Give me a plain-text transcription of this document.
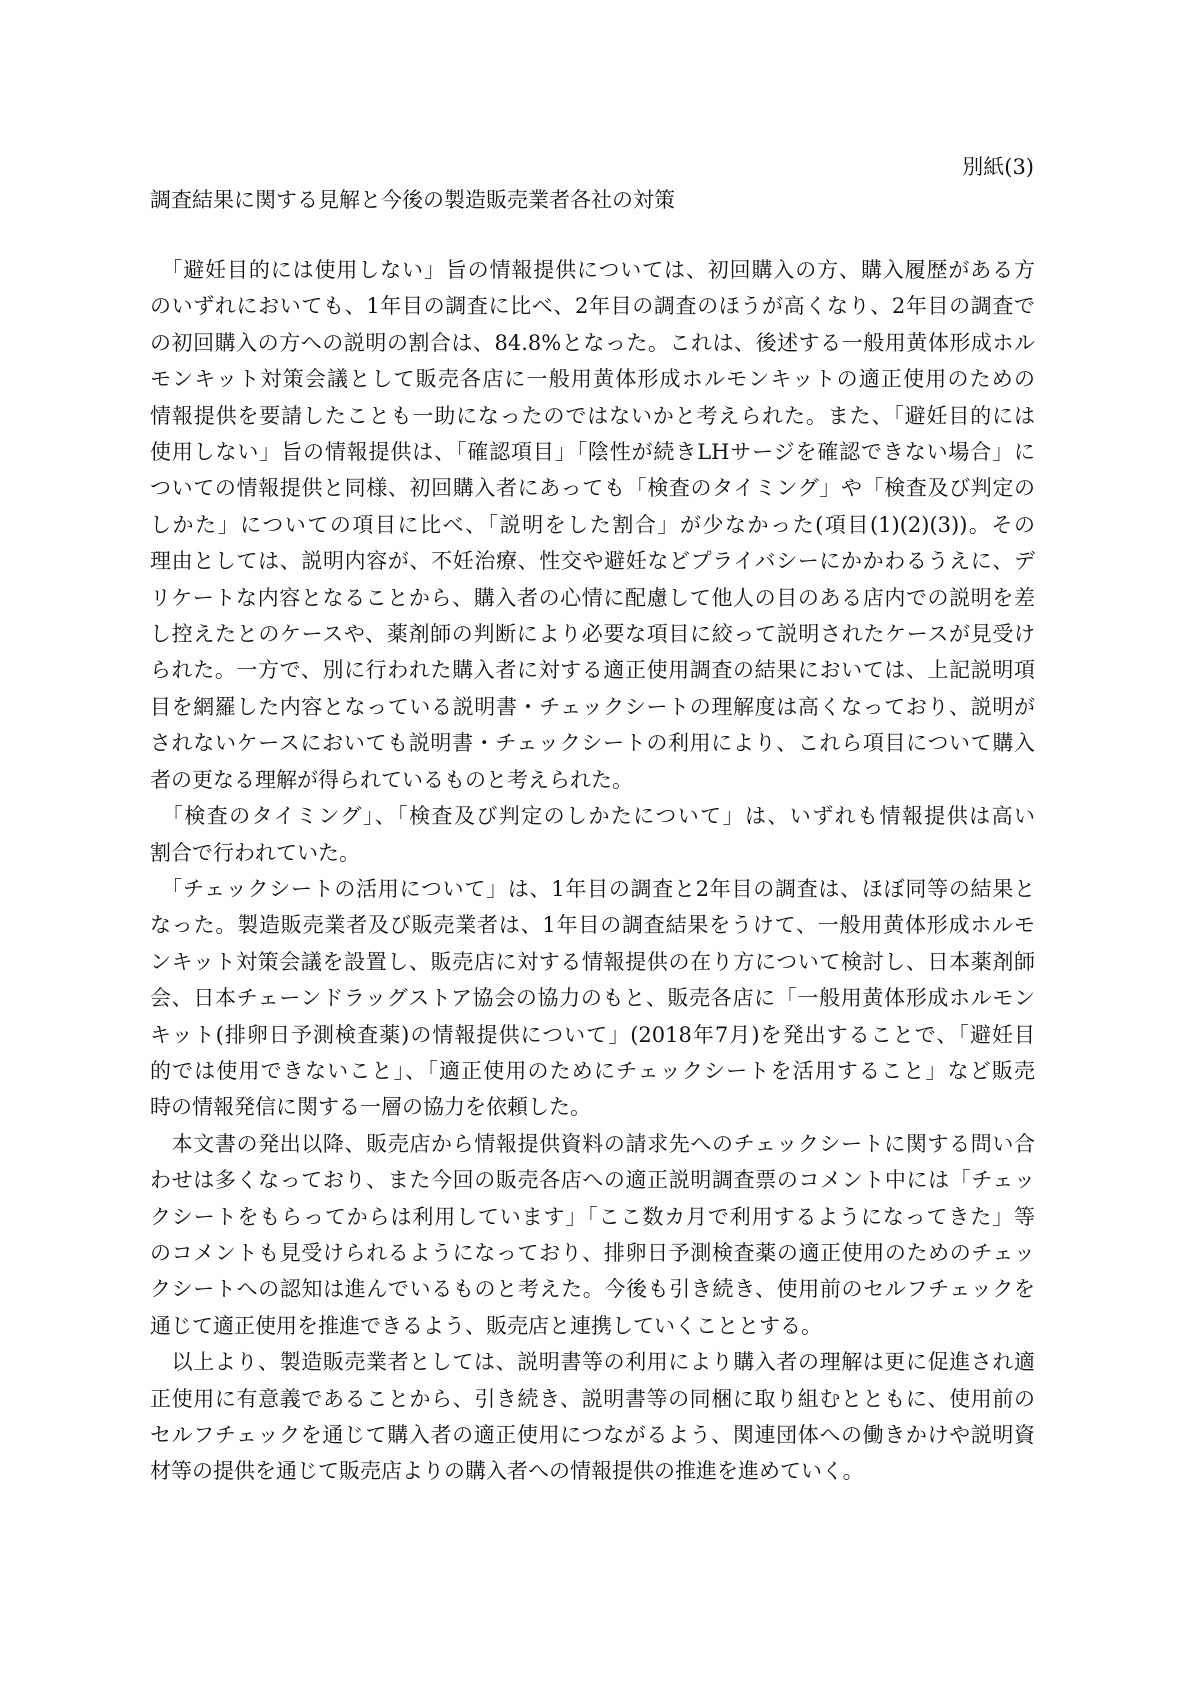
別紙(3)
調査結果に関する見解と今後の製造販売業者各社の対策

　「避妊目的には使用しない」旨の情報提供については、初回購入の方、購入履歴がある方
のいずれにおいても、1年目の調査に比べ、2年目の調査のほうが高くなり、2年目の調査で
の初回購入の方への説明の割合は、84.8%となった。これは、後述する一般用黄体形成ホル
モンキット対策会議として販売各店に一般用黄体形成ホルモンキットの適正使用のための
情報提供を要請したことも一助になったのではないかと考えられた。また、「避妊目的には
使用しない」旨の情報提供は、「確認項目」「陰性が続きLHサージを確認できない場合」に
ついての情報提供と同様、初回購入者にあっても「検査のタイミング」や「検査及び判定の
しかた」についての項目に比べ、「説明をした割合」が少なかった(項目(1)(2)(3))。その
理由としては、説明内容が、不妊治療、性交や避妊などプライバシーにかかわるうえに、デ
リケートな内容となることから、購入者の心情に配慮して他人の目のある店内での説明を差
し控えたとのケースや、薬剤師の判断により必要な項目に絞って説明されたケースが見受け
られた。一方で、別に行われた購入者に対する適正使用調査の結果においては、上記説明項
目を網羅した内容となっている説明書・チェックシートの理解度は高くなっており、説明が
されないケースにおいても説明書・チェックシートの利用により、これら項目について購入
者の更なる理解が得られているものと考えられた。

　「検査のタイミング」、「検査及び判定のしかたについて」は、いずれも情報提供は高い
割合で行われていた。

　「チェックシートの活用について」は、1年目の調査と2年目の調査は、ほぼ同等の結果と
なった。製造販売業者及び販売業者は、1年目の調査結果をうけて、一般用黄体形成ホルモ
ンキット対策会議を設置し、販売店に対する情報提供の在り方について検討し、日本薬剤師
会、日本チェーンドラッグストア協会の協力のもと、販売各店に「一般用黄体形成ホルモン
キット(排卵日予測検査薬)の情報提供について」(2018年7月)を発出することで、「避妊目
的では使用できないこと」、「適正使用のためにチェックシートを活用すること」など販売
時の情報発信に関する一層の協力を依頼した。

　本文書の発出以降、販売店から情報提供資料の請求先へのチェックシートに関する問い合
わせは多くなっており、また今回の販売各店への適正説明調査票のコメント中には「チェッ
クシートをもらってからは利用しています」「ここ数カ月で利用するようになってきた」等
のコメントも見受けられるようになっており、排卵日予測検査薬の適正使用のためのチェッ
クシートへの認知は進んでいるものと考えた。今後も引き続き、使用前のセルフチェックを
通じて適正使用を推進できるよう、販売店と連携していくこととする。

　以上より、製造販売業者としては、説明書等の利用により購入者の理解は更に促進され適
正使用に有意義であることから、引き続き、説明書等の同梱に取り組むとともに、使用前の
セルフチェックを通じて購入者の適正使用につながるよう、関連団体への働きかけや説明資
材等の提供を通じて販売店よりの購入者への情報提供の推進を進めていく。
